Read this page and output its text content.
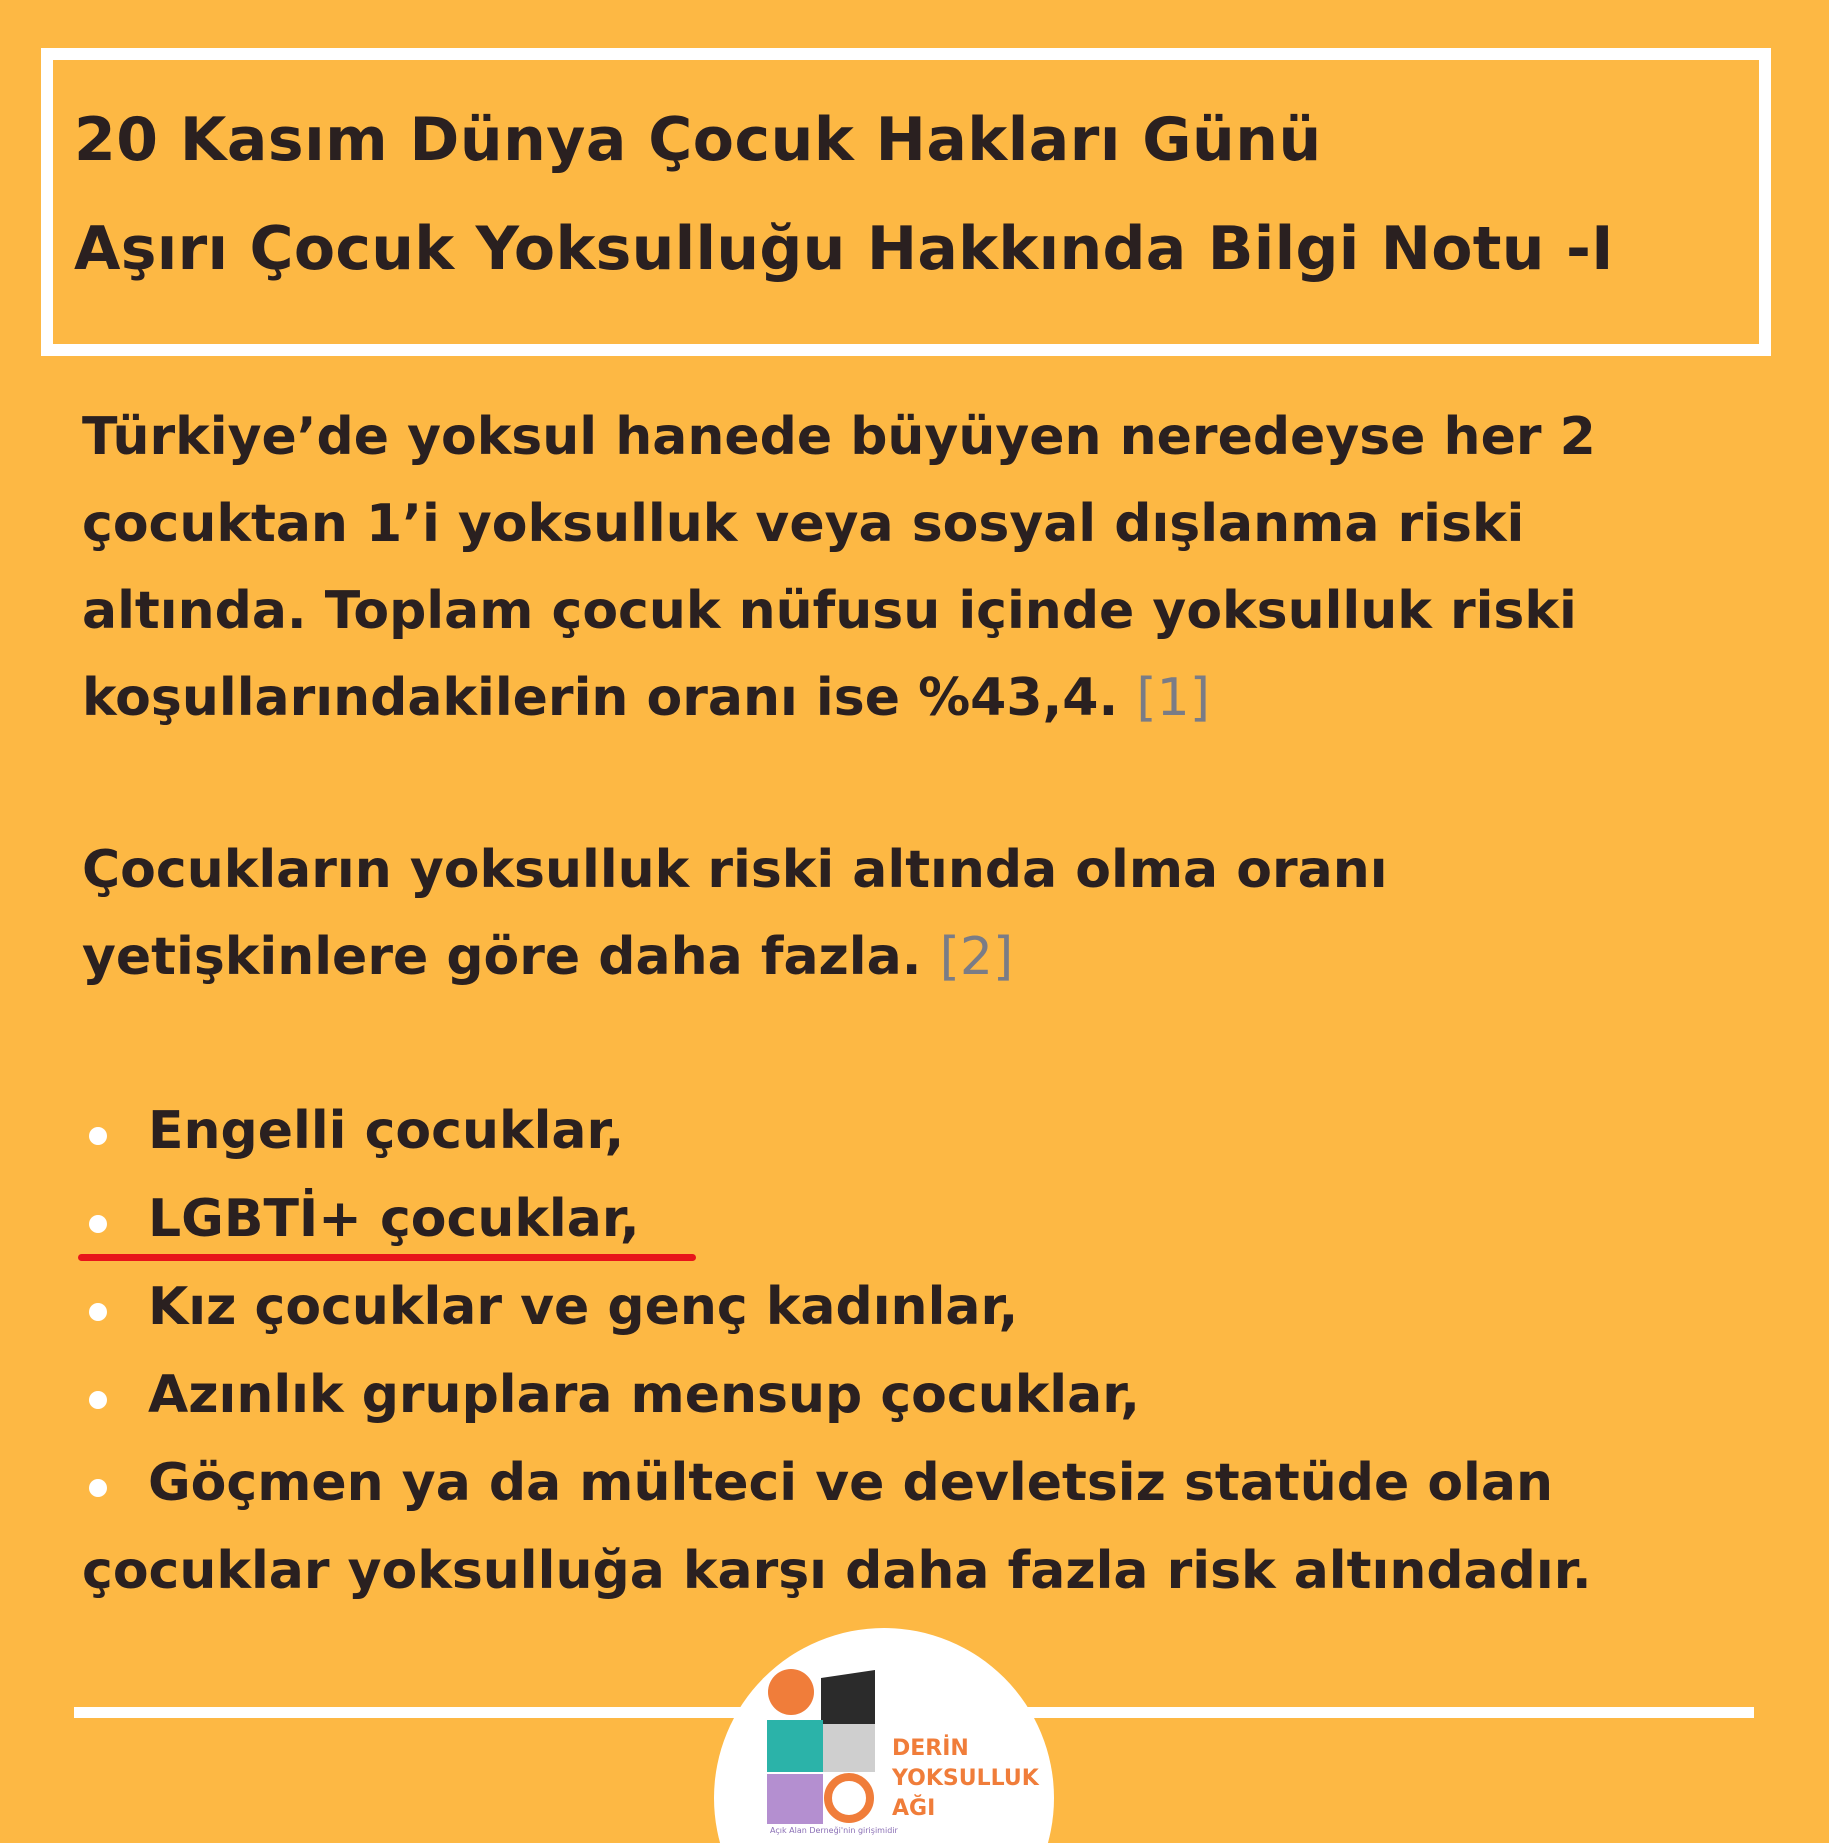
20 Kasım Dünya Çocuk Hakları Günü

Aşırı Çocuk Yoksulluğu Hakkında Bilgi Notu -I

Türkiye’de yoksul hanede büyüyen neredeyse her 2

çocuktan 1’i yoksulluk veya sosyal dışlanma riski

altında. Toplam çocuk nüfusu içinde yoksulluk riski

koşullarındakilerin oranı ise %43,4. [1]

Çocukların yoksulluk riski altında olma oranı

yetişkinlere göre daha fazla. [2]

Engelli çocuklar,

LGBTİ+ çocuklar,

Kız çocuklar ve genç kadınlar,

Azınlık gruplara mensup çocuklar,

Göçmen ya da mülteci ve devletsiz statüde olan

çocuklar yoksulluğa karşı daha fazla risk altındadır.

DERİN

YOKSULLUK

AĞI

Açık Alan Derneği'nin girişimidir
